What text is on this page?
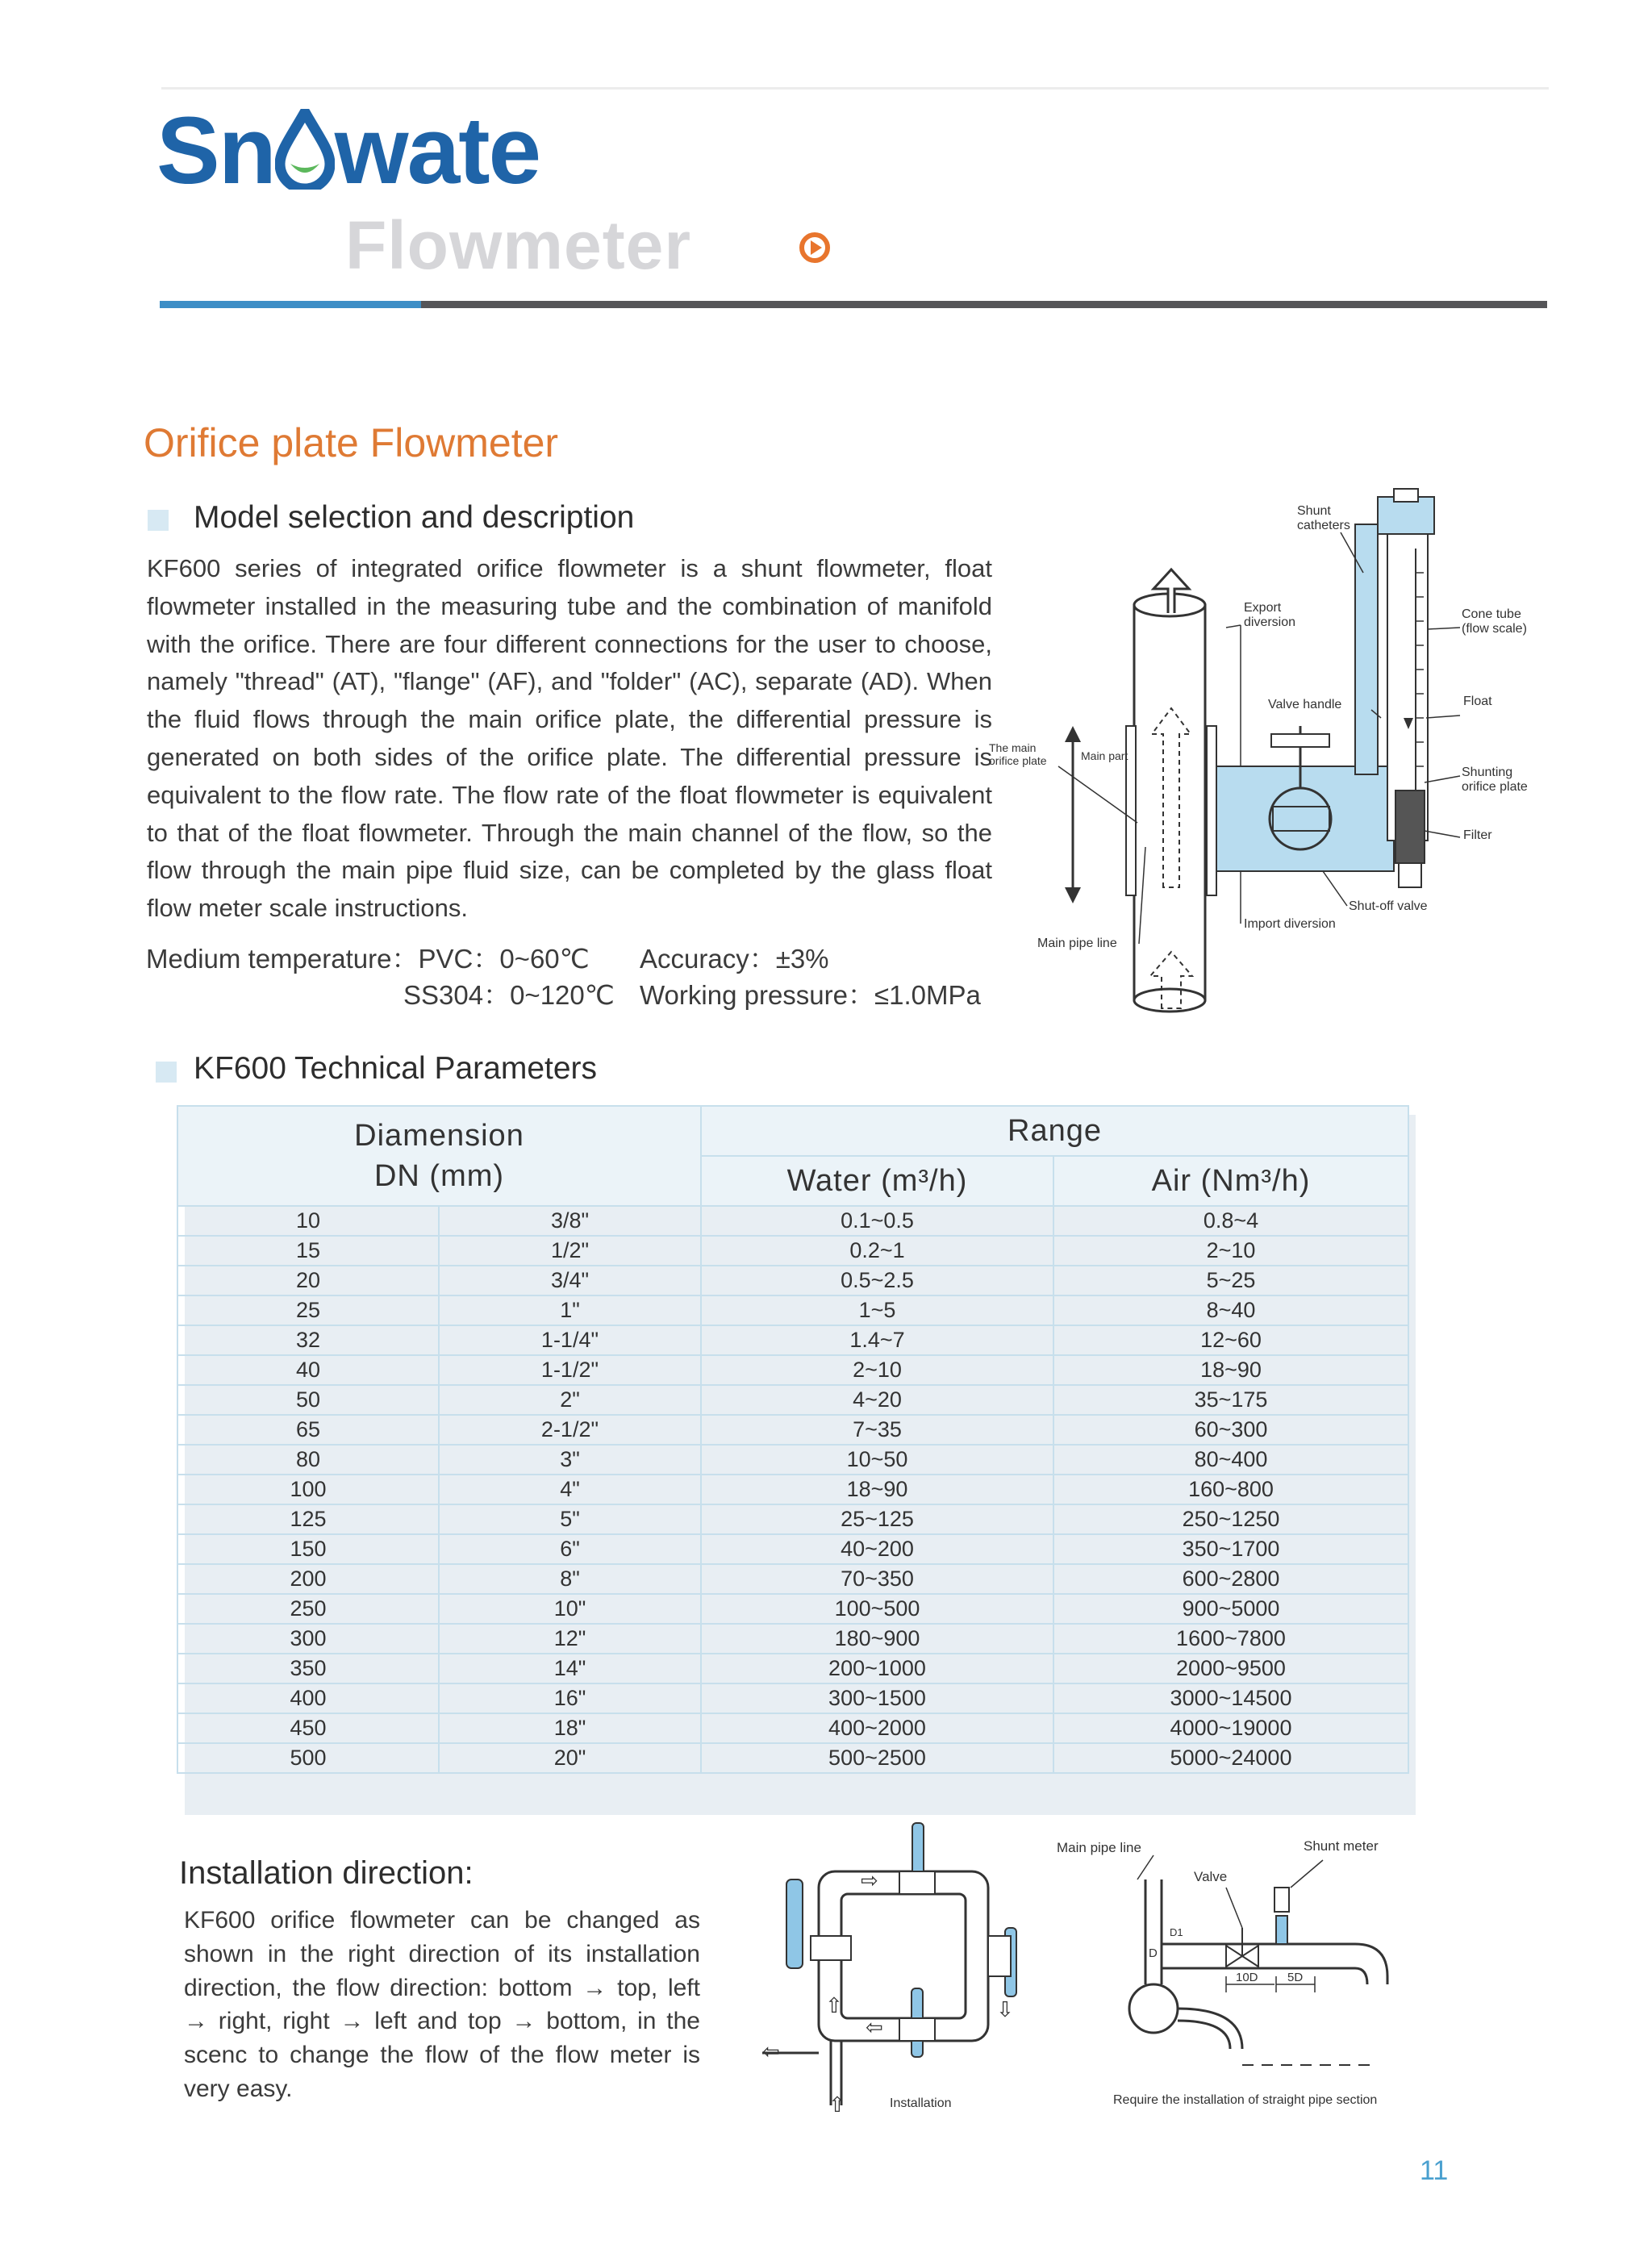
Sn wate
Flowmeter
Orifice plate Flowmeter
Model selection and description
KF600 series of integrated orifice flowmeter is a shunt flowmeter, float flowmeter installed in the measuring tube and the combination of manifold with the orifice. There are four different connections for the user to choose, namely "thread" (AT), "flange" (AF), and "folder" (AC), separate (AD). When the fluid flows through the main orifice plate, the differential pressure is generated on both sides of the orifice plate. The differential pressure is equivalent to the flow rate. The flow rate of the float flowmeter is equivalent to that of the float flowmeter. Through the main channel of the flow, so the flow through the main pipe fluid size, can be completed by the glass float flow meter scale instructions.
Medium temperature：PVC：0~60℃
SS304：0~120℃
Accuracy：±3%
Working pressure：≤1.0MPa
Shunt
catheters
Export
diversion
Cone tube
(flow scale)
Valve handle	Float
The main
orifice plate	Main part
Shunting
orifice plate
Filter
Shut-off valve
Import diversion
Main pipe line
KF600 Technical Parameters
Diamension
DN (mm)		Range	
		Water (m³/h)	Air (Nm³/h)
10	3/8"	0.1~0.5	0.8~4
15	1/2"	0.2~1	2~10
20	3/4"	0.5~2.5	5~25
25	1"	1~5	8~40
32	1-1/4"	1.4~7	12~60
40	1-1/2"	2~10	18~90
50	2"	4~20	35~175
65	2-1/2"	7~35	60~300
80	3"	10~50	80~400
100	4"	18~90	160~800
125	5"	25~125	250~1250
150	6"	40~200	350~1700
200	8"	70~350	600~2800
250	10"	100~500	900~5000
300	12"	180~900	1600~7800
350	14"	200~1000	2000~9500
400	16"	300~1500	3000~14500
450	18"	400~2000	4000~19000
500	20"	500~2500	5000~24000
Installation direction:
KF600 orifice flowmeter can be changed as shown in the right direction of its installation direction, the flow direction: bottom → top, left → right, right → left and top → bottom, in the scenc to change the flow of the flow meter is very easy.
⇨
⇩
⇦
⇧
⇦
⇧	Installation
Main pipe line
Valve
Shunt meter
10D 5D
D
D1
Require the installation of straight pipe section
11
